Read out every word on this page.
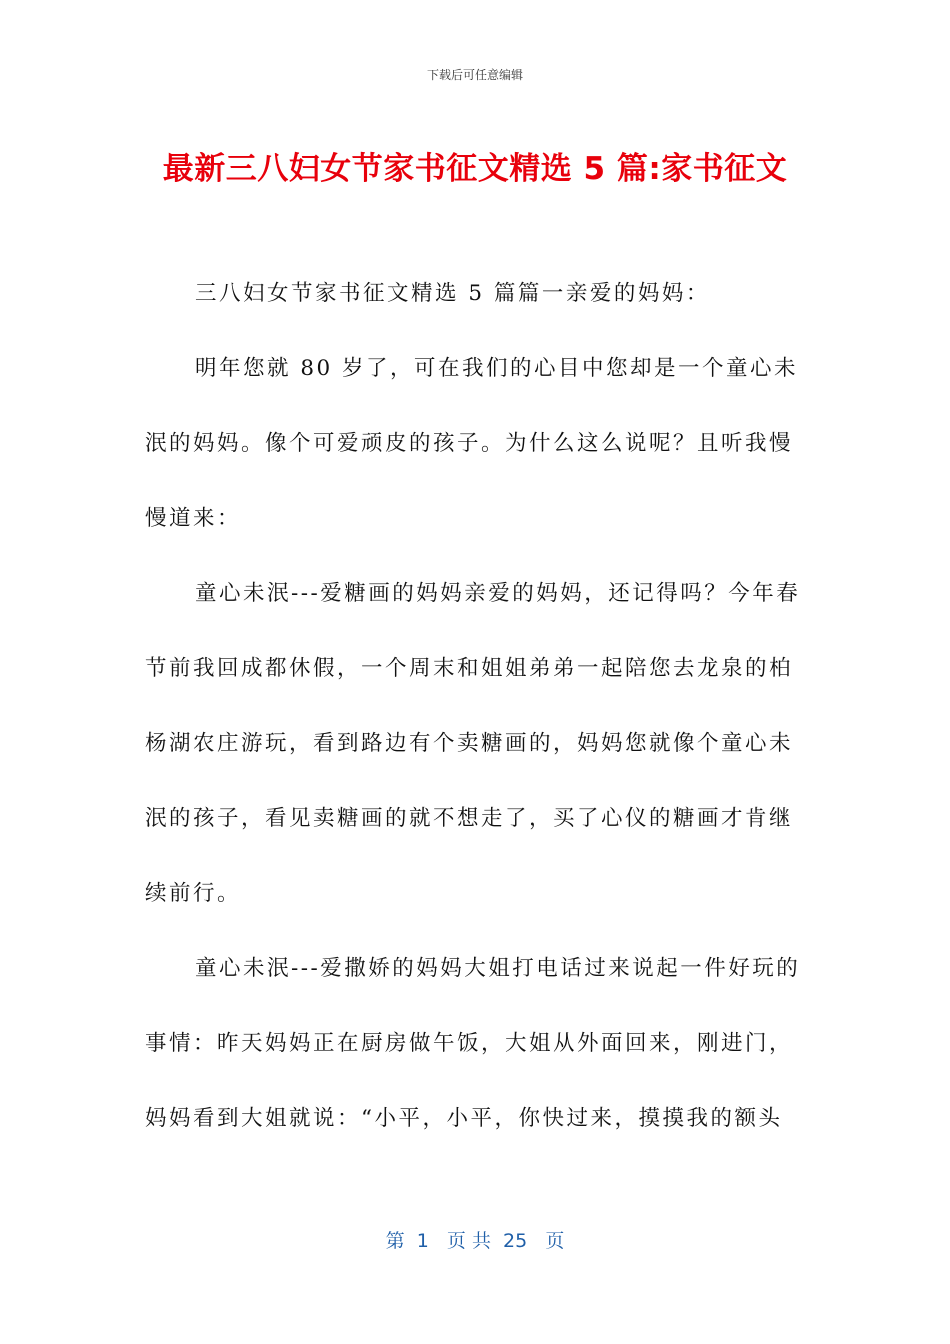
下载后可任意编辑
最新三八妇女节家书征文精选 5 篇:家书征文

三八妇女节家书征文精选 5 篇篇一亲爱的妈妈：

明年您就 80 岁了，可在我们的心目中您却是一个童心未泯的妈妈。像个可爱顽皮的孩子。为什么这么说呢？且听我慢慢道来：

童心未泯---爱糖画的妈妈亲爱的妈妈，还记得吗？今年春节前我回成都休假，一个周末和姐姐弟弟一起陪您去龙泉的柏杨湖农庄游玩，看到路边有个卖糖画的，妈妈您就像个童心未泯的孩子，看见卖糖画的就不想走了，买了心仪的糖画才肯继续前行。

童心未泯---爱撒娇的妈妈大姐打电话过来说起一件好玩的事情：昨天妈妈正在厨房做午饭，大姐从外面回来，刚进门，妈妈看到大姐就说：“小平，小平，你快过来，摸摸我的额头

第  1   页 共  25   页
